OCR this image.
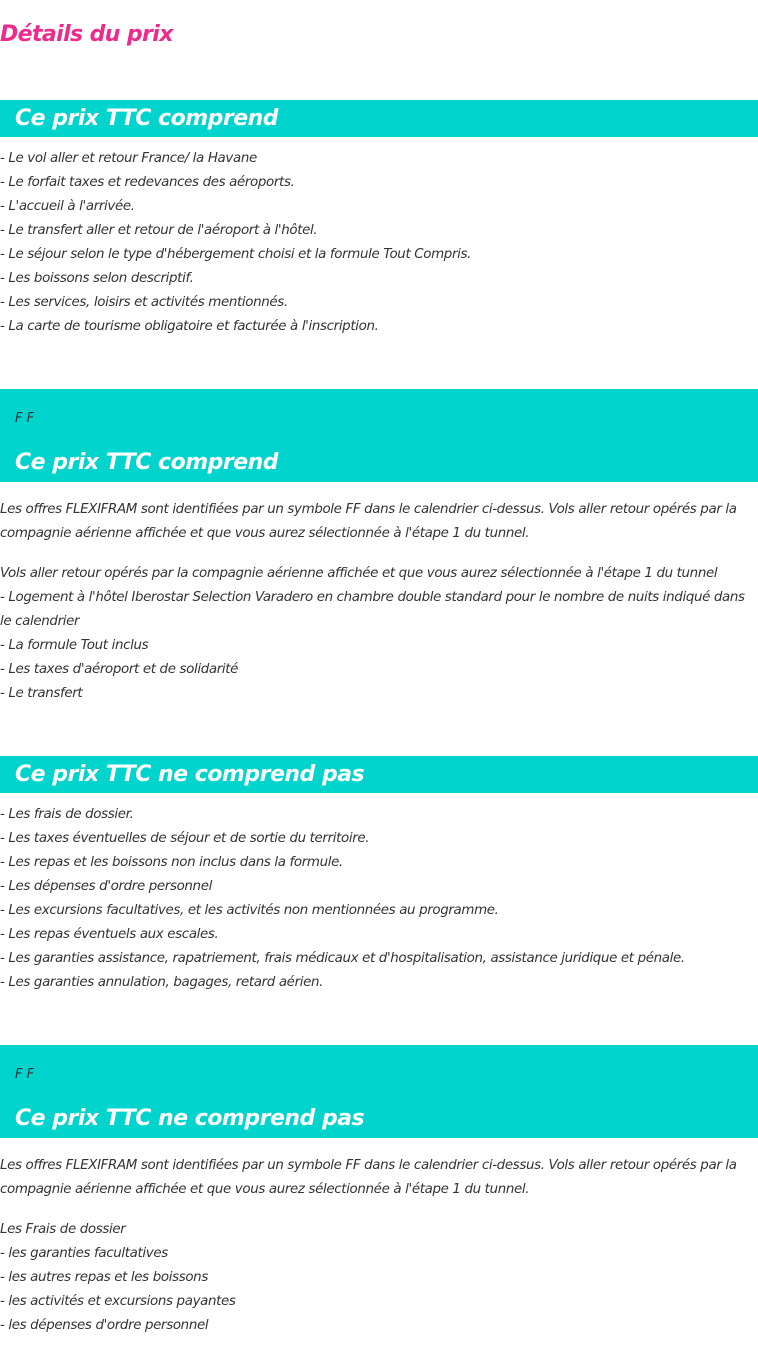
Détails du prix
Ce prix TTC comprend
- Le vol aller et retour France/ la Havane
- Le forfait taxes et redevances des aéroports.
- L'accueil à l'arrivée.
- Le transfert aller et retour de l'aéroport à l'hôtel.
- Le séjour selon le type d'hébergement choisi et la formule Tout Compris.
- Les boissons selon descriptif.
- Les services, loisirs et activités mentionnés.
- La carte de tourisme obligatoire et facturée à l'inscription.
F F
Ce prix TTC comprend

Les offres FLEXIFRAM sont identifiées par un symbole FF dans le calendrier ci-dessus. Vols aller retour opérés par la compagnie aérienne affichée et que vous aurez sélectionnée à l'étape 1 du tunnel.

Vols aller retour opérés par la compagnie aérienne affichée et que vous aurez sélectionnée à l'étape 1 du tunnel
- Logement à l'hôtel Iberostar Selection Varadero en chambre double standard pour le nombre de nuits indiqué dans le calendrier
- La formule Tout inclus
- Les taxes d'aéroport et de solidarité
- Le transfert
Ce prix TTC ne comprend pas
- Les frais de dossier.
- Les taxes éventuelles de séjour et de sortie du territoire.
- Les repas et les boissons non inclus dans la formule.
- Les dépenses d'ordre personnel
- Les excursions facultatives, et les activités non mentionnées au programme.
- Les repas éventuels aux escales.
- Les garanties assistance, rapatriement, frais médicaux et d'hospitalisation, assistance juridique et pénale.
- Les garanties annulation, bagages, retard aérien.
F F
Ce prix TTC ne comprend pas

Les offres FLEXIFRAM sont identifiées par un symbole FF dans le calendrier ci-dessus. Vols aller retour opérés par la compagnie aérienne affichée et que vous aurez sélectionnée à l'étape 1 du tunnel.

Les Frais de dossier
- les garanties facultatives
- les autres repas et les boissons
- les activités et excursions payantes
- les dépenses d'ordre personnel
